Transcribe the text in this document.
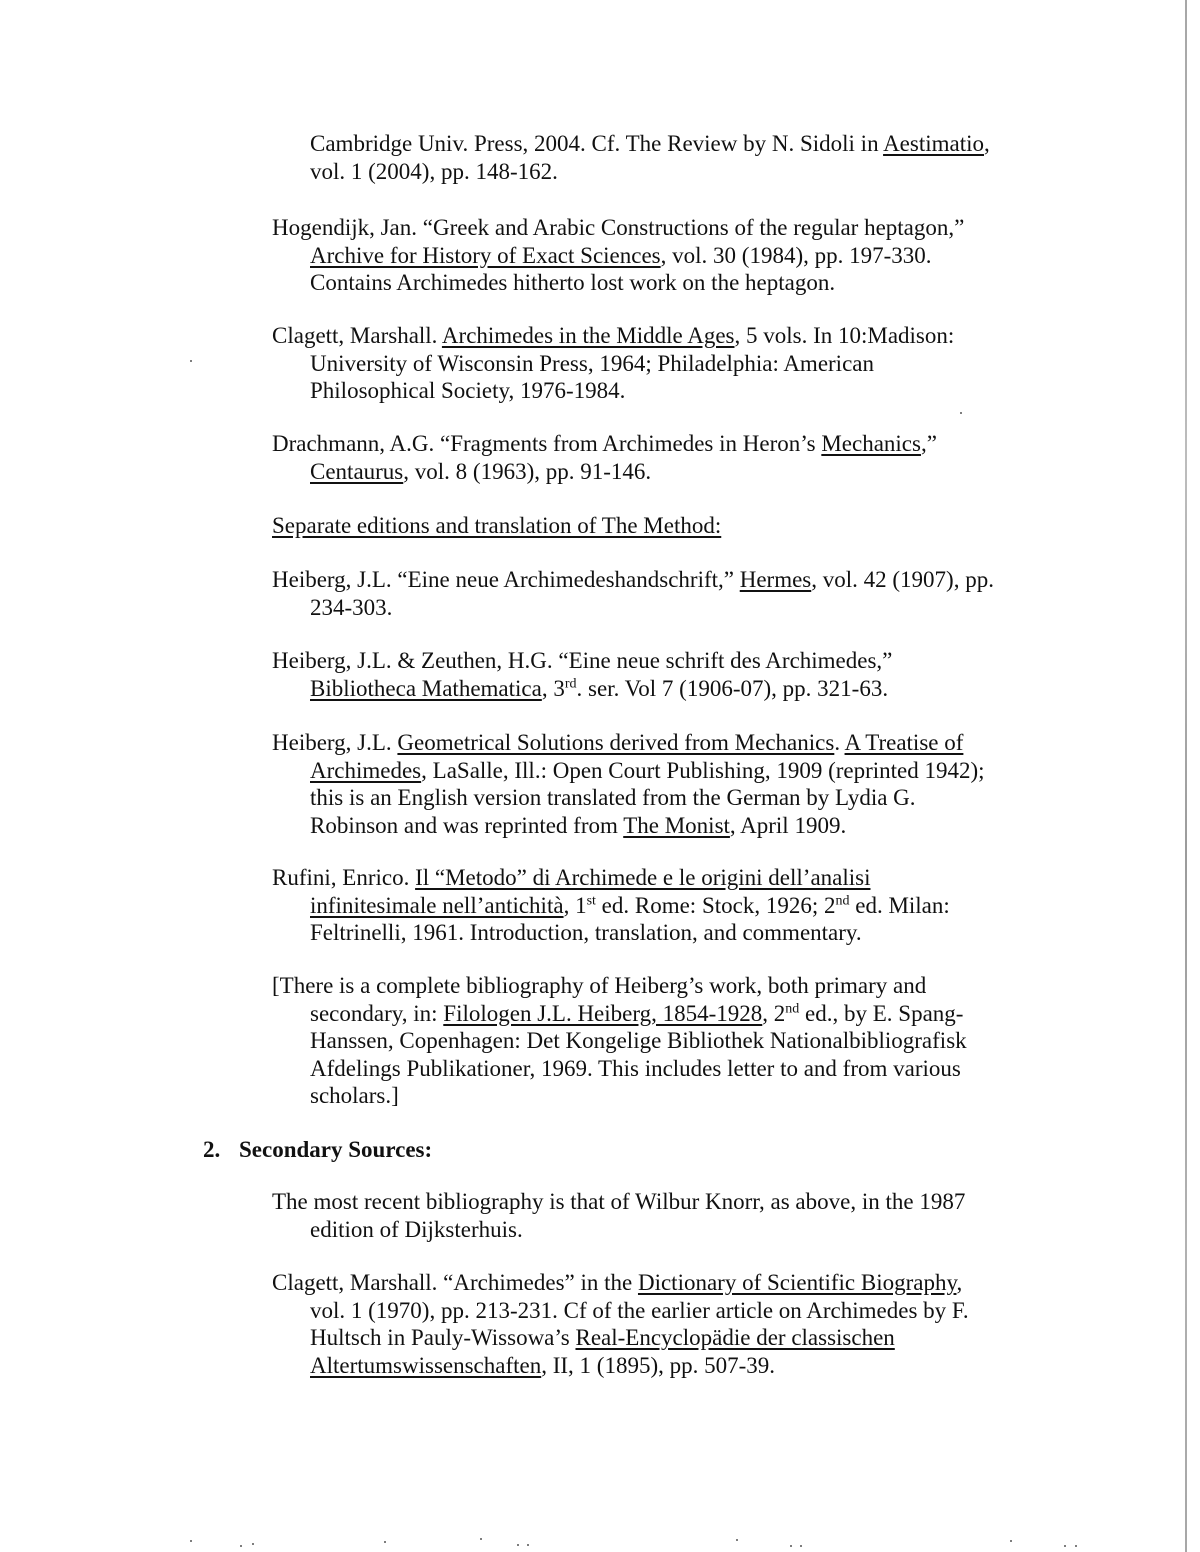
Cambridge Univ. Press, 2004. Cf. The Review by N. Sidoli in Aestimatio,
vol. 1 (2004), pp. 148-162.
Hogendijk, Jan. “Greek and Arabic Constructions of the regular heptagon,”
Archive for History of Exact Sciences, vol. 30 (1984), pp. 197-330.
Contains Archimedes hitherto lost work on the heptagon.
Clagett, Marshall. Archimedes in the Middle Ages, 5 vols. In 10:Madison:
University of Wisconsin Press, 1964; Philadelphia: American
Philosophical Society, 1976-1984.
Drachmann, A.G. “Fragments from Archimedes in Heron’s Mechanics,”
Centaurus, vol. 8 (1963), pp. 91-146.
Separate editions and translation of The Method:
Heiberg, J.L. “Eine neue Archimedeshandschrift,” Hermes, vol. 42 (1907), pp.
234-303.
Heiberg, J.L. & Zeuthen, H.G. “Eine neue schrift des Archimedes,”
Bibliotheca Mathematica, 3rd. ser. Vol 7 (1906-07), pp. 321-63.
Heiberg, J.L. Geometrical Solutions derived from Mechanics. A Treatise of
Archimedes, LaSalle, Ill.: Open Court Publishing, 1909 (reprinted 1942);
this is an English version translated from the German by Lydia G.
Robinson and was reprinted from The Monist, April 1909.
Rufini, Enrico. Il “Metodo” di Archimede e le origini dell’analisi
infinitesimale nell’antichità, 1st ed. Rome: Stock, 1926; 2nd ed. Milan:
Feltrinelli, 1961. Introduction, translation, and commentary.
[There is a complete bibliography of Heiberg’s work, both primary and
secondary, in: Filologen J.L. Heiberg, 1854-1928, 2nd ed., by E. Spang-
Hanssen, Copenhagen: Det Kongelige Bibliothek Nationalbibliografisk
Afdelings Publikationer, 1969. This includes letter to and from various
scholars.]
2. Secondary Sources:
The most recent bibliography is that of Wilbur Knorr, as above, in the 1987
edition of Dijksterhuis.
Clagett, Marshall. “Archimedes” in the Dictionary of Scientific Biography,
vol. 1 (1970), pp. 213-231. Cf of the earlier article on Archimedes by F.
Hultsch in Pauly-Wissowa’s Real-Encyclopädie der classischen
Altertumswissenschaften, II, 1 (1895), pp. 507-39.
